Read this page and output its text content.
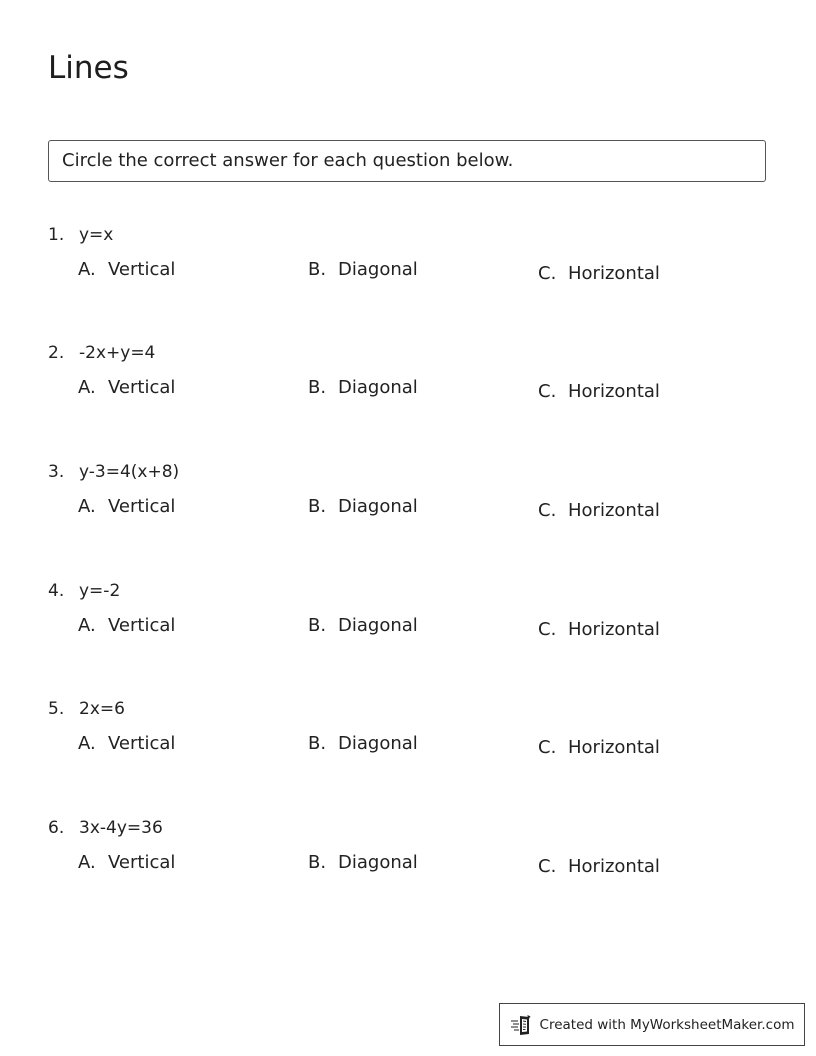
Lines
Circle the correct answer for each question below.
1. y=x
A. Vertical	B. Diagonal	C. Horizontal
2. -2x+y=4
A. Vertical	B. Diagonal	C. Horizontal
3. y-3=4(x+8)
A. Vertical	B. Diagonal	C. Horizontal
4. y=-2
A. Vertical	B. Diagonal	C. Horizontal
5. 2x=6
A. Vertical	B. Diagonal	C. Horizontal
6. 3x-4y=36
A. Vertical	B. Diagonal	C. Horizontal
Created with MyWorksheetMaker.com
